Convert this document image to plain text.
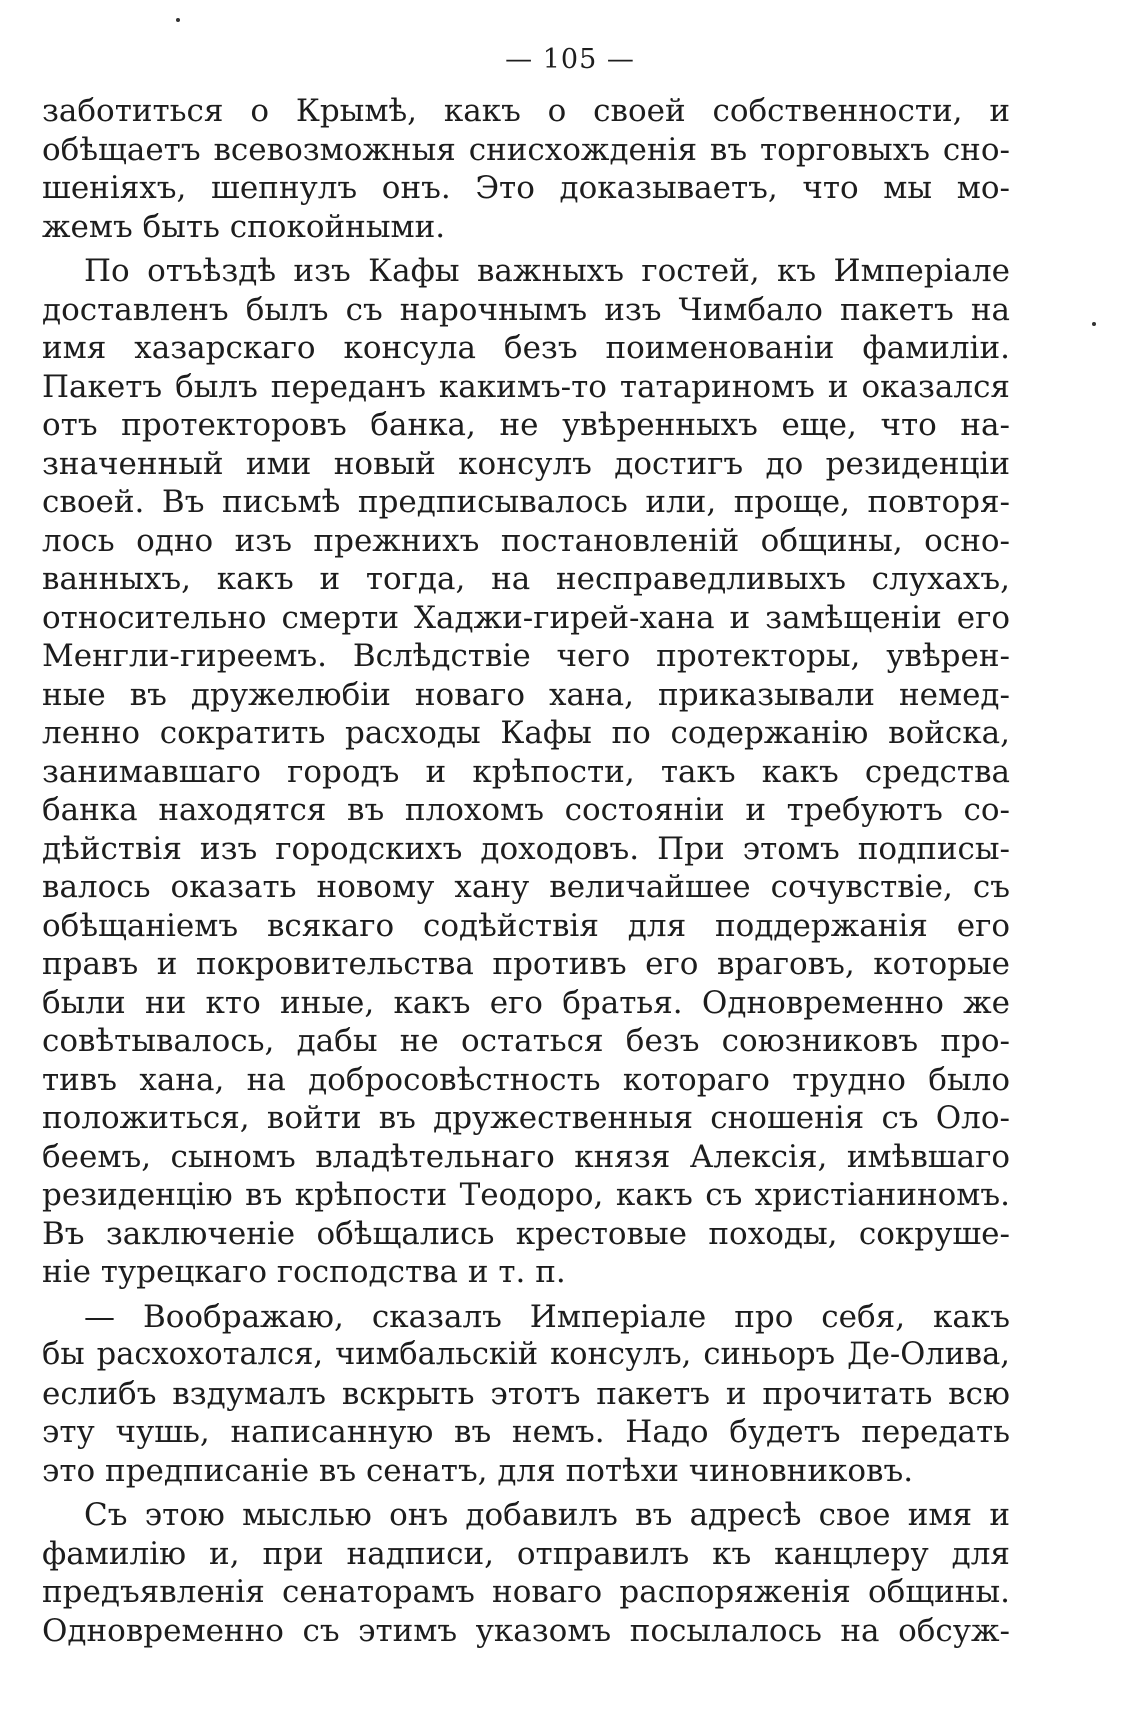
— 105 —
заботиться о Крымѣ, какъ о своей собственности, и
обѣщаетъ всевозможныя снисхожденія въ торговыхъ сно-
шеніяхъ, шепнулъ онъ. Это доказываетъ, что мы мо-
жемъ быть спокойными.
По отъѣздѣ изъ Кафы важныхъ гостей, къ Имперіале
доставленъ былъ съ нарочнымъ изъ Чимбало пакетъ на
имя хазарскаго консула безъ поименованіи фамиліи.
Пакетъ былъ переданъ какимъ-то татариномъ и оказался
отъ протекторовъ банка, не увѣренныхъ еще, что на-
значенный ими новый консулъ достигъ до резиденціи
своей. Въ письмѣ предписывалось или, проще, повторя-
лось одно изъ прежнихъ постановленій общины, осно-
ванныхъ, какъ и тогда, на несправедливыхъ слухахъ,
относительно смерти Хаджи-гирей-хана и замѣщеніи его
Менгли-гиреемъ. Вслѣдствіе чего протекторы, увѣрен-
ные въ дружелюбіи новаго хана, приказывали немед-
ленно сократить расходы Кафы по содержанію войска,
занимавшаго городъ и крѣпости, такъ какъ средства
банка находятся въ плохомъ состояніи и требуютъ со-
дѣйствія изъ городскихъ доходовъ. При этомъ подписы-
валось оказать новому хану величайшее сочувствіе, съ
обѣщаніемъ всякаго содѣйствія для поддержанія его
правъ и покровительства противъ его враговъ, которые
были ни кто иные, какъ его братья. Одновременно же
совѣтывалось, дабы не остаться безъ союзниковъ про-
тивъ хана, на добросовѣстность котораго трудно было
положиться, войти въ дружественныя сношенія съ Оло-
беемъ, сыномъ владѣтельнаго князя Алексія, имѣвшаго
резиденцію въ крѣпости Теодоро, какъ съ христіаниномъ.
Въ заключеніе обѣщались крестовые походы, сокруше-
ніе турецкаго господства и т. п.
— Воображаю, сказалъ Имперіале про себя, какъ
бы расхохотался, чимбальскій консулъ, синьоръ Де-Олива,
еслибъ вздумалъ вскрыть этотъ пакетъ и прочитать всю
эту чушь, написанную въ немъ. Надо будетъ передать
это предписаніе въ сенатъ, для потѣхи чиновниковъ.
Съ этою мыслью онъ добавилъ въ адресѣ свое имя и
фамилію и, при надписи, отправилъ къ канцлеру для
предъявленія сенаторамъ новаго распоряженія общины.
Одновременно съ этимъ указомъ посылалось на обсуж-
